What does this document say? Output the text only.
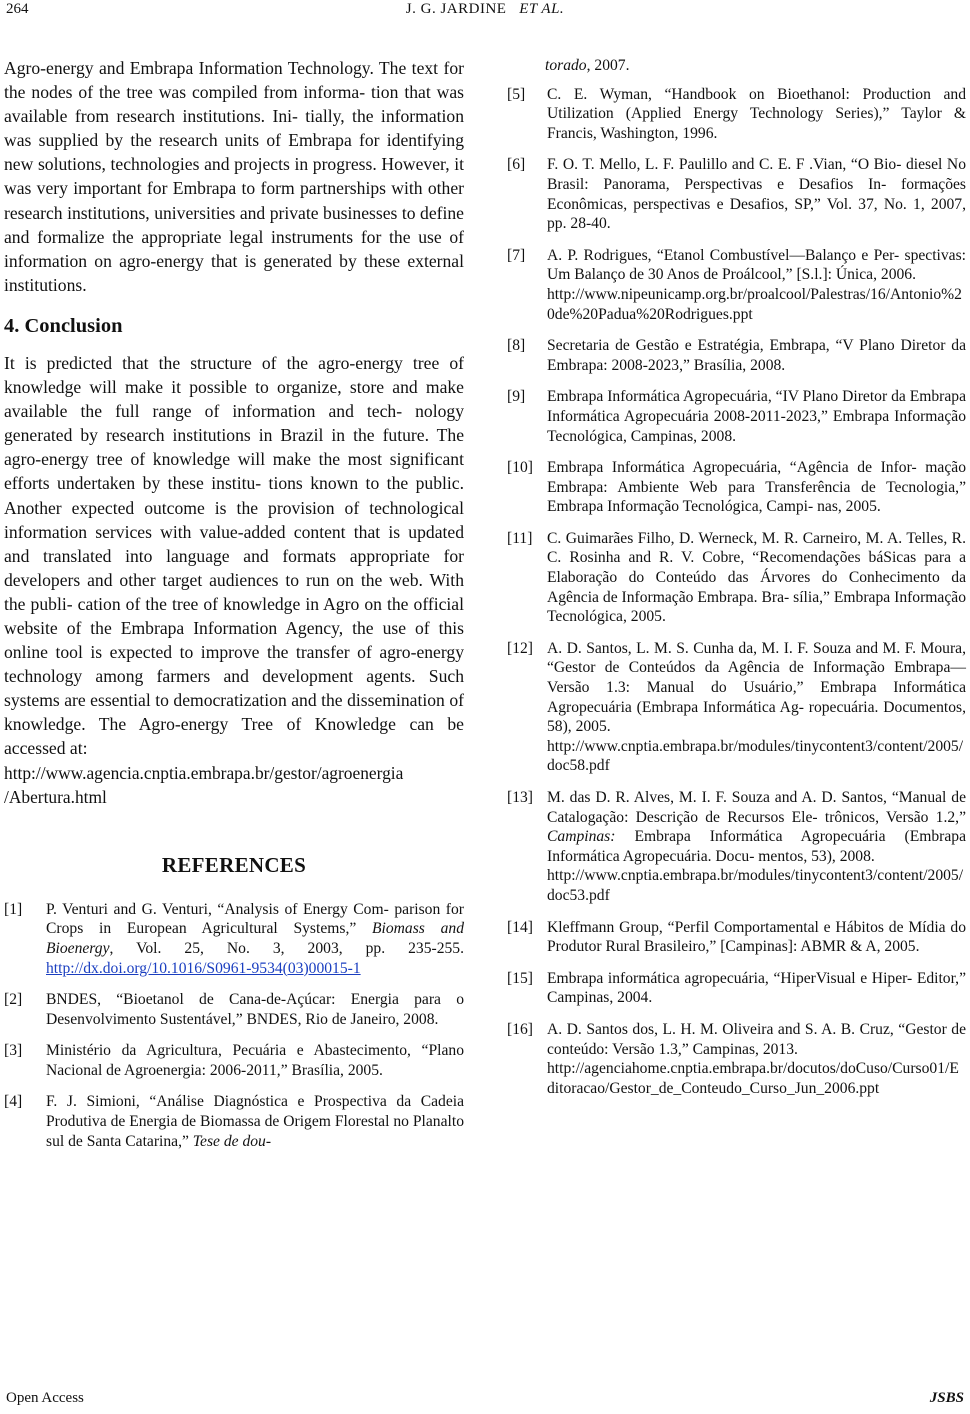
264	J. G. JARDINE ET AL.

Agro-energy and Embrapa Information Technology. The text for the nodes of the tree was compiled from informa- tion that was available from research institutions. Ini- tially, the information was supplied by the research units of Embrapa for identifying new solutions, technologies and projects in progress. However, it was very important for Embrapa to form partnerships with other research institutions, universities and private businesses to define and formalize the appropriate legal instruments for the use of information on agro-energy that is generated by these external institutions.

4. Conclusion

It is predicted that the structure of the agro-energy tree of knowledge will make it possible to organize, store and make available the full range of information and tech- nology generated by research institutions in Brazil in the future. The agro-energy tree of knowledge will make the most significant efforts undertaken by these institu- tions known to the public. Another expected outcome is the provision of technological information services with value-added content that is updated and translated into language and formats appropriate for developers and other target audiences to run on the web. With the publi- cation of the tree of knowledge in Agro on the official website of the Embrapa Information Agency, the use of this online tool is expected to improve the transfer of agro-energy technology among farmers and development agents. Such systems are essential to democratization and the dissemination of knowledge. The Agro-energy Tree of Knowledge can be accessed at:

http://www.agencia.cnptia.embrapa.br/gestor/agroenergia

/Abertura.html

REFERENCES
[1]	P. Venturi and G. Venturi, “Analysis of Energy Com- parison for Crops in European Agricultural Systems,” Biomass and Bioenergy, Vol. 25, No. 3, 2003, pp. 235-255. http://dx.doi.org/10.1016/S0961-9534(03)00015-1
[2]	BNDES, “Bioetanol de Cana-de-Açúcar: Energia para o Desenvolvimento Sustentável,” BNDES, Rio de Janeiro, 2008.
[3]	Ministério da Agricultura, Pecuária e Abastecimento, “Plano Nacional de Agroenergia: 2006-2011,” Brasília, 2005.
[4]	F. J. Simioni, “Análise Diagnóstica e Prospectiva da Cadeia Produtiva de Energia de Biomassa de Origem Florestal no Planalto sul de Santa Catarina,” Tese de dou-

torado, 2007.

[5]	C. E. Wyman, “Handbook on Bioethanol: Production and Utilization (Applied Energy Technology Series),” Taylor & Francis, Washington, 1996.
[6]	F. O. T. Mello, L. F. Paulillo and C. E. F .Vian, “O Bio- diesel No Brasil: Panorama, Perspectivas e Desafios In- formações Econômicas, perspectivas e Desafios, SP,” Vol. 37, No. 1, 2007, pp. 28-40.
[7]	A. P. Rodrigues, “Etanol Combustível—Balanço e Per- spectivas: Um Balanço de 30 Anos de Proálcool,” [S.l.]: Única, 2006.
http://www.nipeunicamp.org.br/proalcool/Palestras/16/Antonio%20de%20Padua%20Rodrigues.ppt
[8]	Secretaria de Gestão e Estratégia, Embrapa, “V Plano Diretor da Embrapa: 2008-2023,” Brasília, 2008.
[9]	Embrapa Informática Agropecuária, “IV Plano Diretor da Embrapa Informática Agropecuária 2008-2011-2023,” Embrapa Informação Tecnológica, Campinas, 2008.
[10] Embrapa Informática Agropecuária, “Agência de Infor- mação Embrapa: Ambiente Web para Transferência de Tecnologia,” Embrapa Informação Tecnológica, Campi- nas, 2005.
[11] C. Guimarães Filho, D. Werneck, M. R. Carneiro, M. A. Telles, R. C. Rosinha and R. V. Cobre, “Recomendações báSicas para a Elaboração do Conteúdo das Árvores do Conhecimento da Agência de Informação Embrapa. Bra- sília,” Embrapa Informação Tecnológica, 2005.
[12] A. D. Santos, L. M. S. Cunha da, M. I. F. Souza and M. F. Moura, “Gestor de Conteúdos da Agência de Informação Embrapa—Versão 1.3: Manual do Usuário,” Embrapa Informática Agropecuária (Embrapa Informática Ag- ropecuária. Documentos, 58), 2005.
http://www.cnptia.embrapa.br/modules/tinycontent3/content/2005/doc58.pdf
[13] M. das D. R. Alves, M. I. F. Souza and A. D. Santos, “Manual de Catalogação: Descrição de Recursos Ele- trônicos, Versão 1.2,” Campinas: Embrapa Informática Agropecuária (Embrapa Informática Agropecuária. Docu- mentos, 53), 2008.
http://www.cnptia.embrapa.br/modules/tinycontent3/content/2005/doc53.pdf
[14] Kleffmann Group, “Perfil Comportamental e Hábitos de Mídia do Produtor Rural Brasileiro,” [Campinas]: ABMR & A, 2005.
[15] Embrapa informática agropecuária, “HiperVisual e Hiper- Editor,” Campinas, 2004.
[16] A. D. Santos dos, L. H. M. Oliveira and S. A. B. Cruz, “Gestor de conteúdo: Versão 1.3,” Campinas, 2013.
http://agenciahome.cnptia.embrapa.br/docutos/doCuso/Curso01/Editoracao/Gestor_de_Conteudo_Curso_Jun_2006.ppt
Open Access	JSBS
